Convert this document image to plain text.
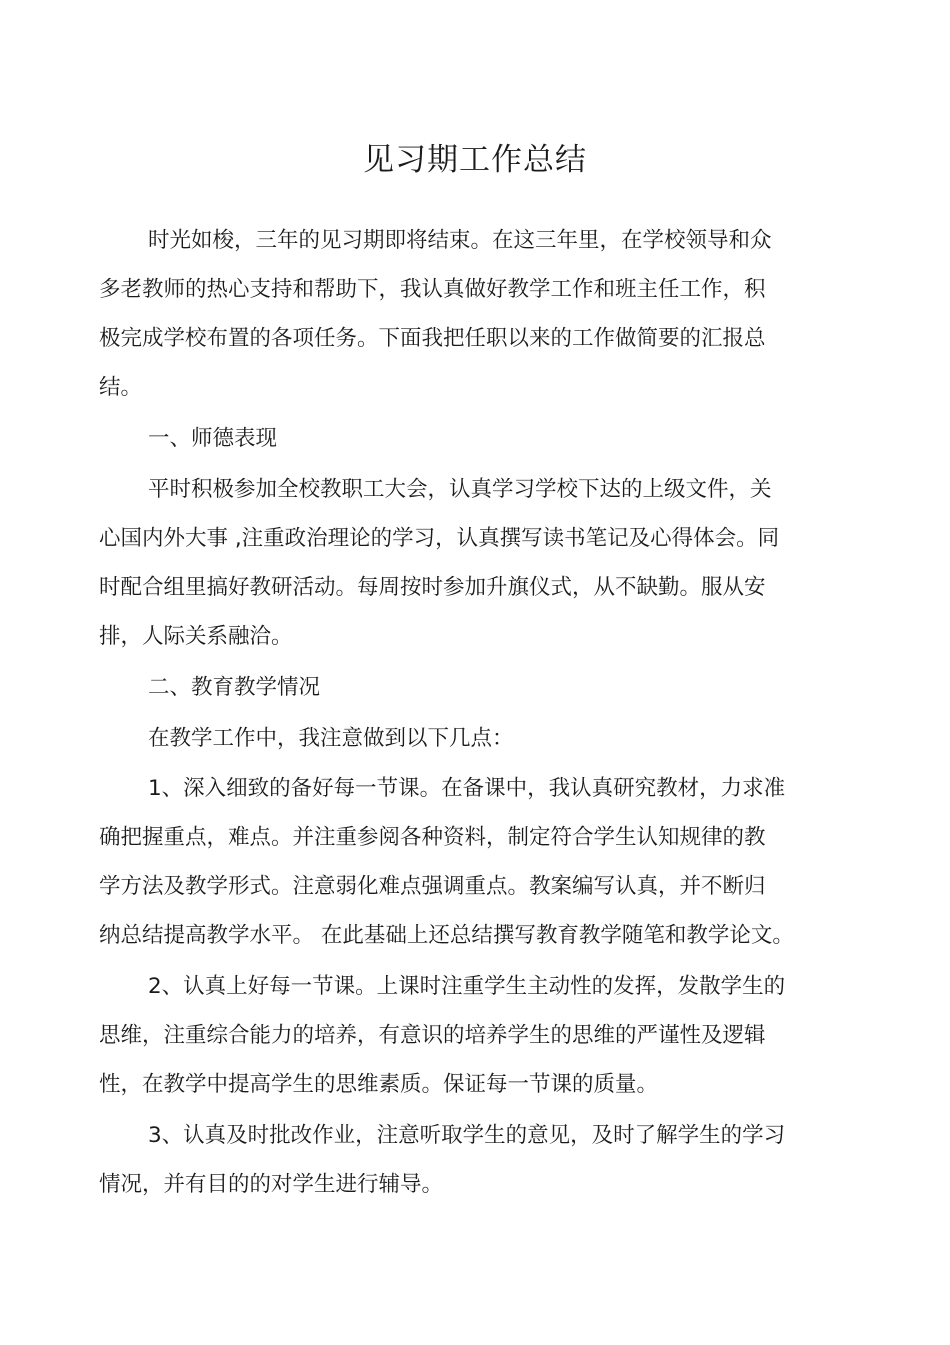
见习期工作总结

时光如梭，三年的见习期即将结束。在这三年里，在学校领导和众

多老教师的热心支持和帮助下，我认真做好教学工作和班主任工作，积

极完成学校布置的各项任务。下面我把任职以来的工作做简要的汇报总

结。

一、师德表现

平时积极参加全校教职工大会，认真学习学校下达的上级文件，关

心国内外大事 ,注重政治理论的学习，认真撰写读书笔记及心得体会。同

时配合组里搞好教研活动。每周按时参加升旗仪式，从不缺勤。服从安

排，人际关系融洽。

二、教育教学情况

在教学工作中，我注意做到以下几点：

1、深入细致的备好每一节课。在备课中，我认真研究教材，力求准

确把握重点，难点。并注重参阅各种资料，制定符合学生认知规律的教

学方法及教学形式。注意弱化难点强调重点。教案编写认真，并不断归

纳总结提高教学水平。 在此基础上还总结撰写教育教学随笔和教学论文。

2、认真上好每一节课。上课时注重学生主动性的发挥，发散学生的

思维，注重综合能力的培养，有意识的培养学生的思维的严谨性及逻辑

性，在教学中提高学生的思维素质。保证每一节课的质量。

3、认真及时批改作业，注意听取学生的意见，及时了解学生的学习

情况，并有目的的对学生进行辅导。
